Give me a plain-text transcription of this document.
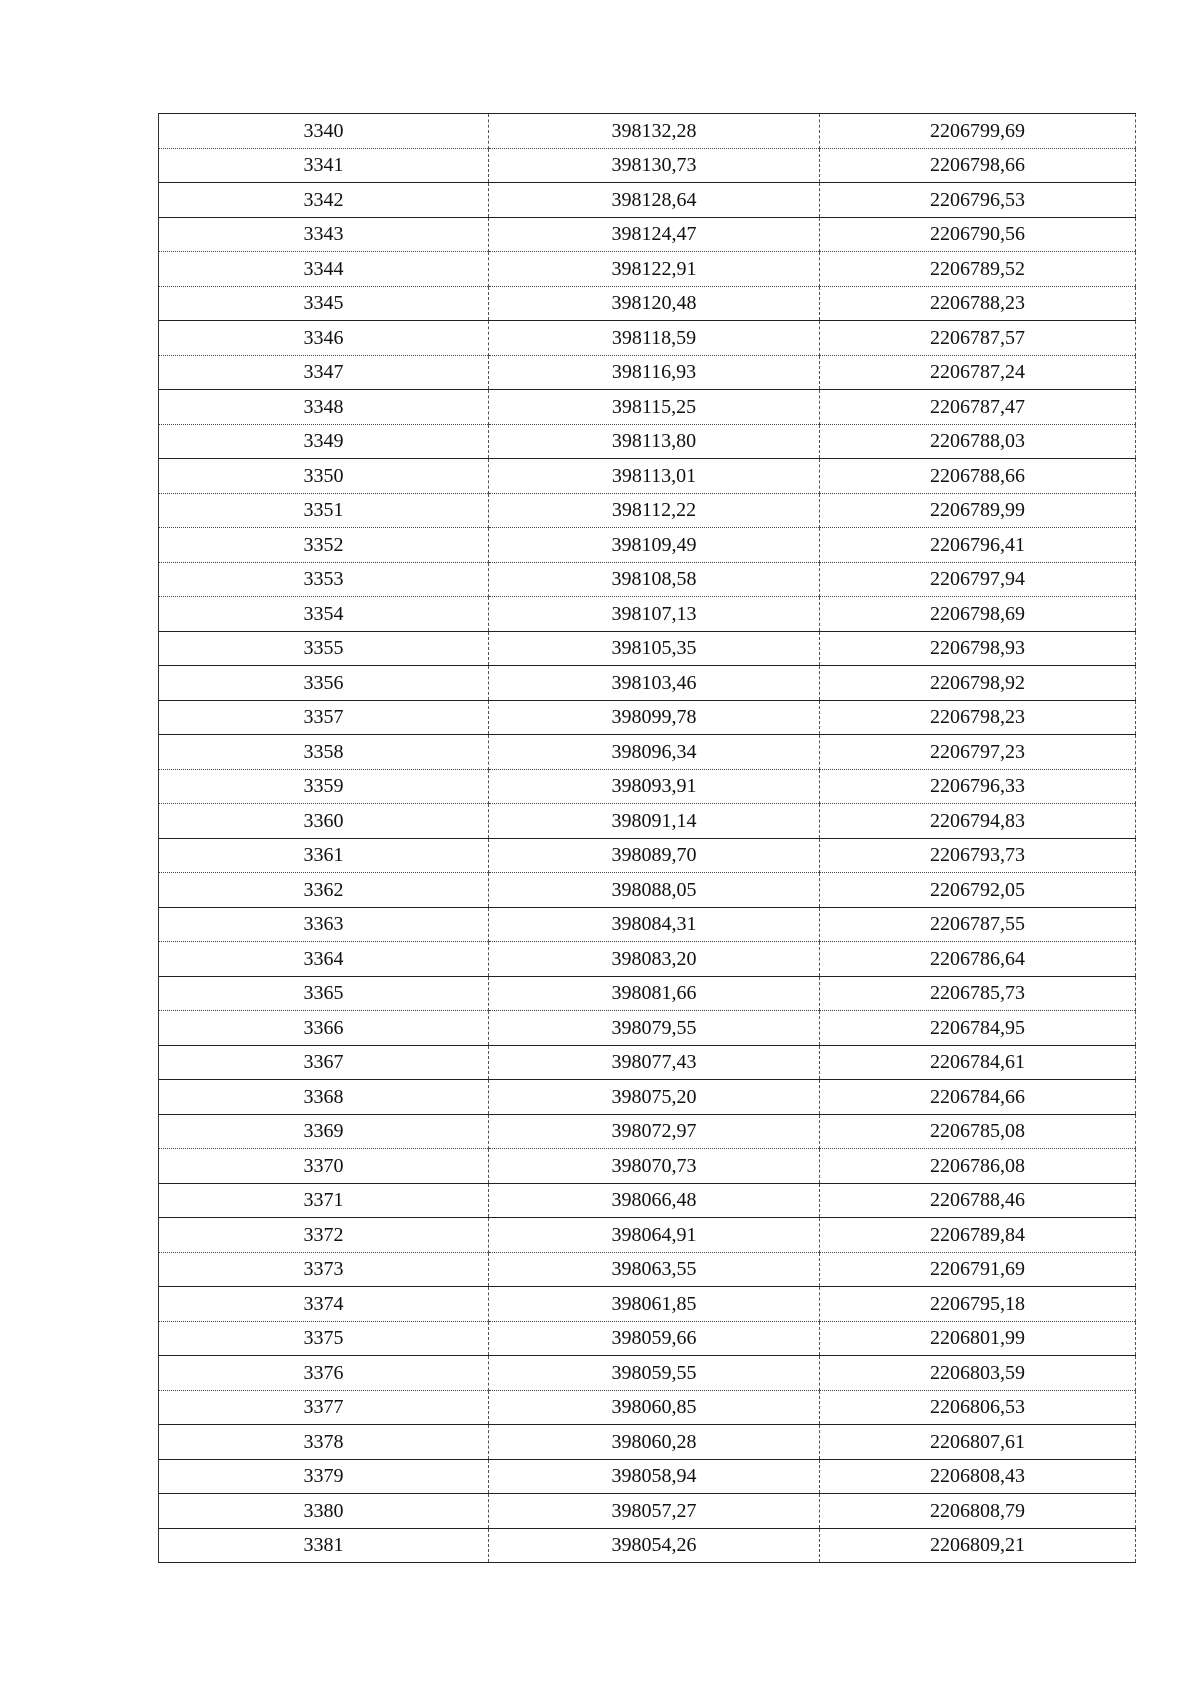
3340	398132,28	2206799,69
3341	398130,73	2206798,66
3342	398128,64	2206796,53
3343	398124,47	2206790,56
3344	398122,91	2206789,52
3345	398120,48	2206788,23
3346	398118,59	2206787,57
3347	398116,93	2206787,24
3348	398115,25	2206787,47
3349	398113,80	2206788,03
3350	398113,01	2206788,66
3351	398112,22	2206789,99
3352	398109,49	2206796,41
3353	398108,58	2206797,94
3354	398107,13	2206798,69
3355	398105,35	2206798,93
3356	398103,46	2206798,92
3357	398099,78	2206798,23
3358	398096,34	2206797,23
3359	398093,91	2206796,33
3360	398091,14	2206794,83
3361	398089,70	2206793,73
3362	398088,05	2206792,05
3363	398084,31	2206787,55
3364	398083,20	2206786,64
3365	398081,66	2206785,73
3366	398079,55	2206784,95
3367	398077,43	2206784,61
3368	398075,20	2206784,66
3369	398072,97	2206785,08
3370	398070,73	2206786,08
3371	398066,48	2206788,46
3372	398064,91	2206789,84
3373	398063,55	2206791,69
3374	398061,85	2206795,18
3375	398059,66	2206801,99
3376	398059,55	2206803,59
3377	398060,85	2206806,53
3378	398060,28	2206807,61
3379	398058,94	2206808,43
3380	398057,27	2206808,79
3381	398054,26	2206809,21
